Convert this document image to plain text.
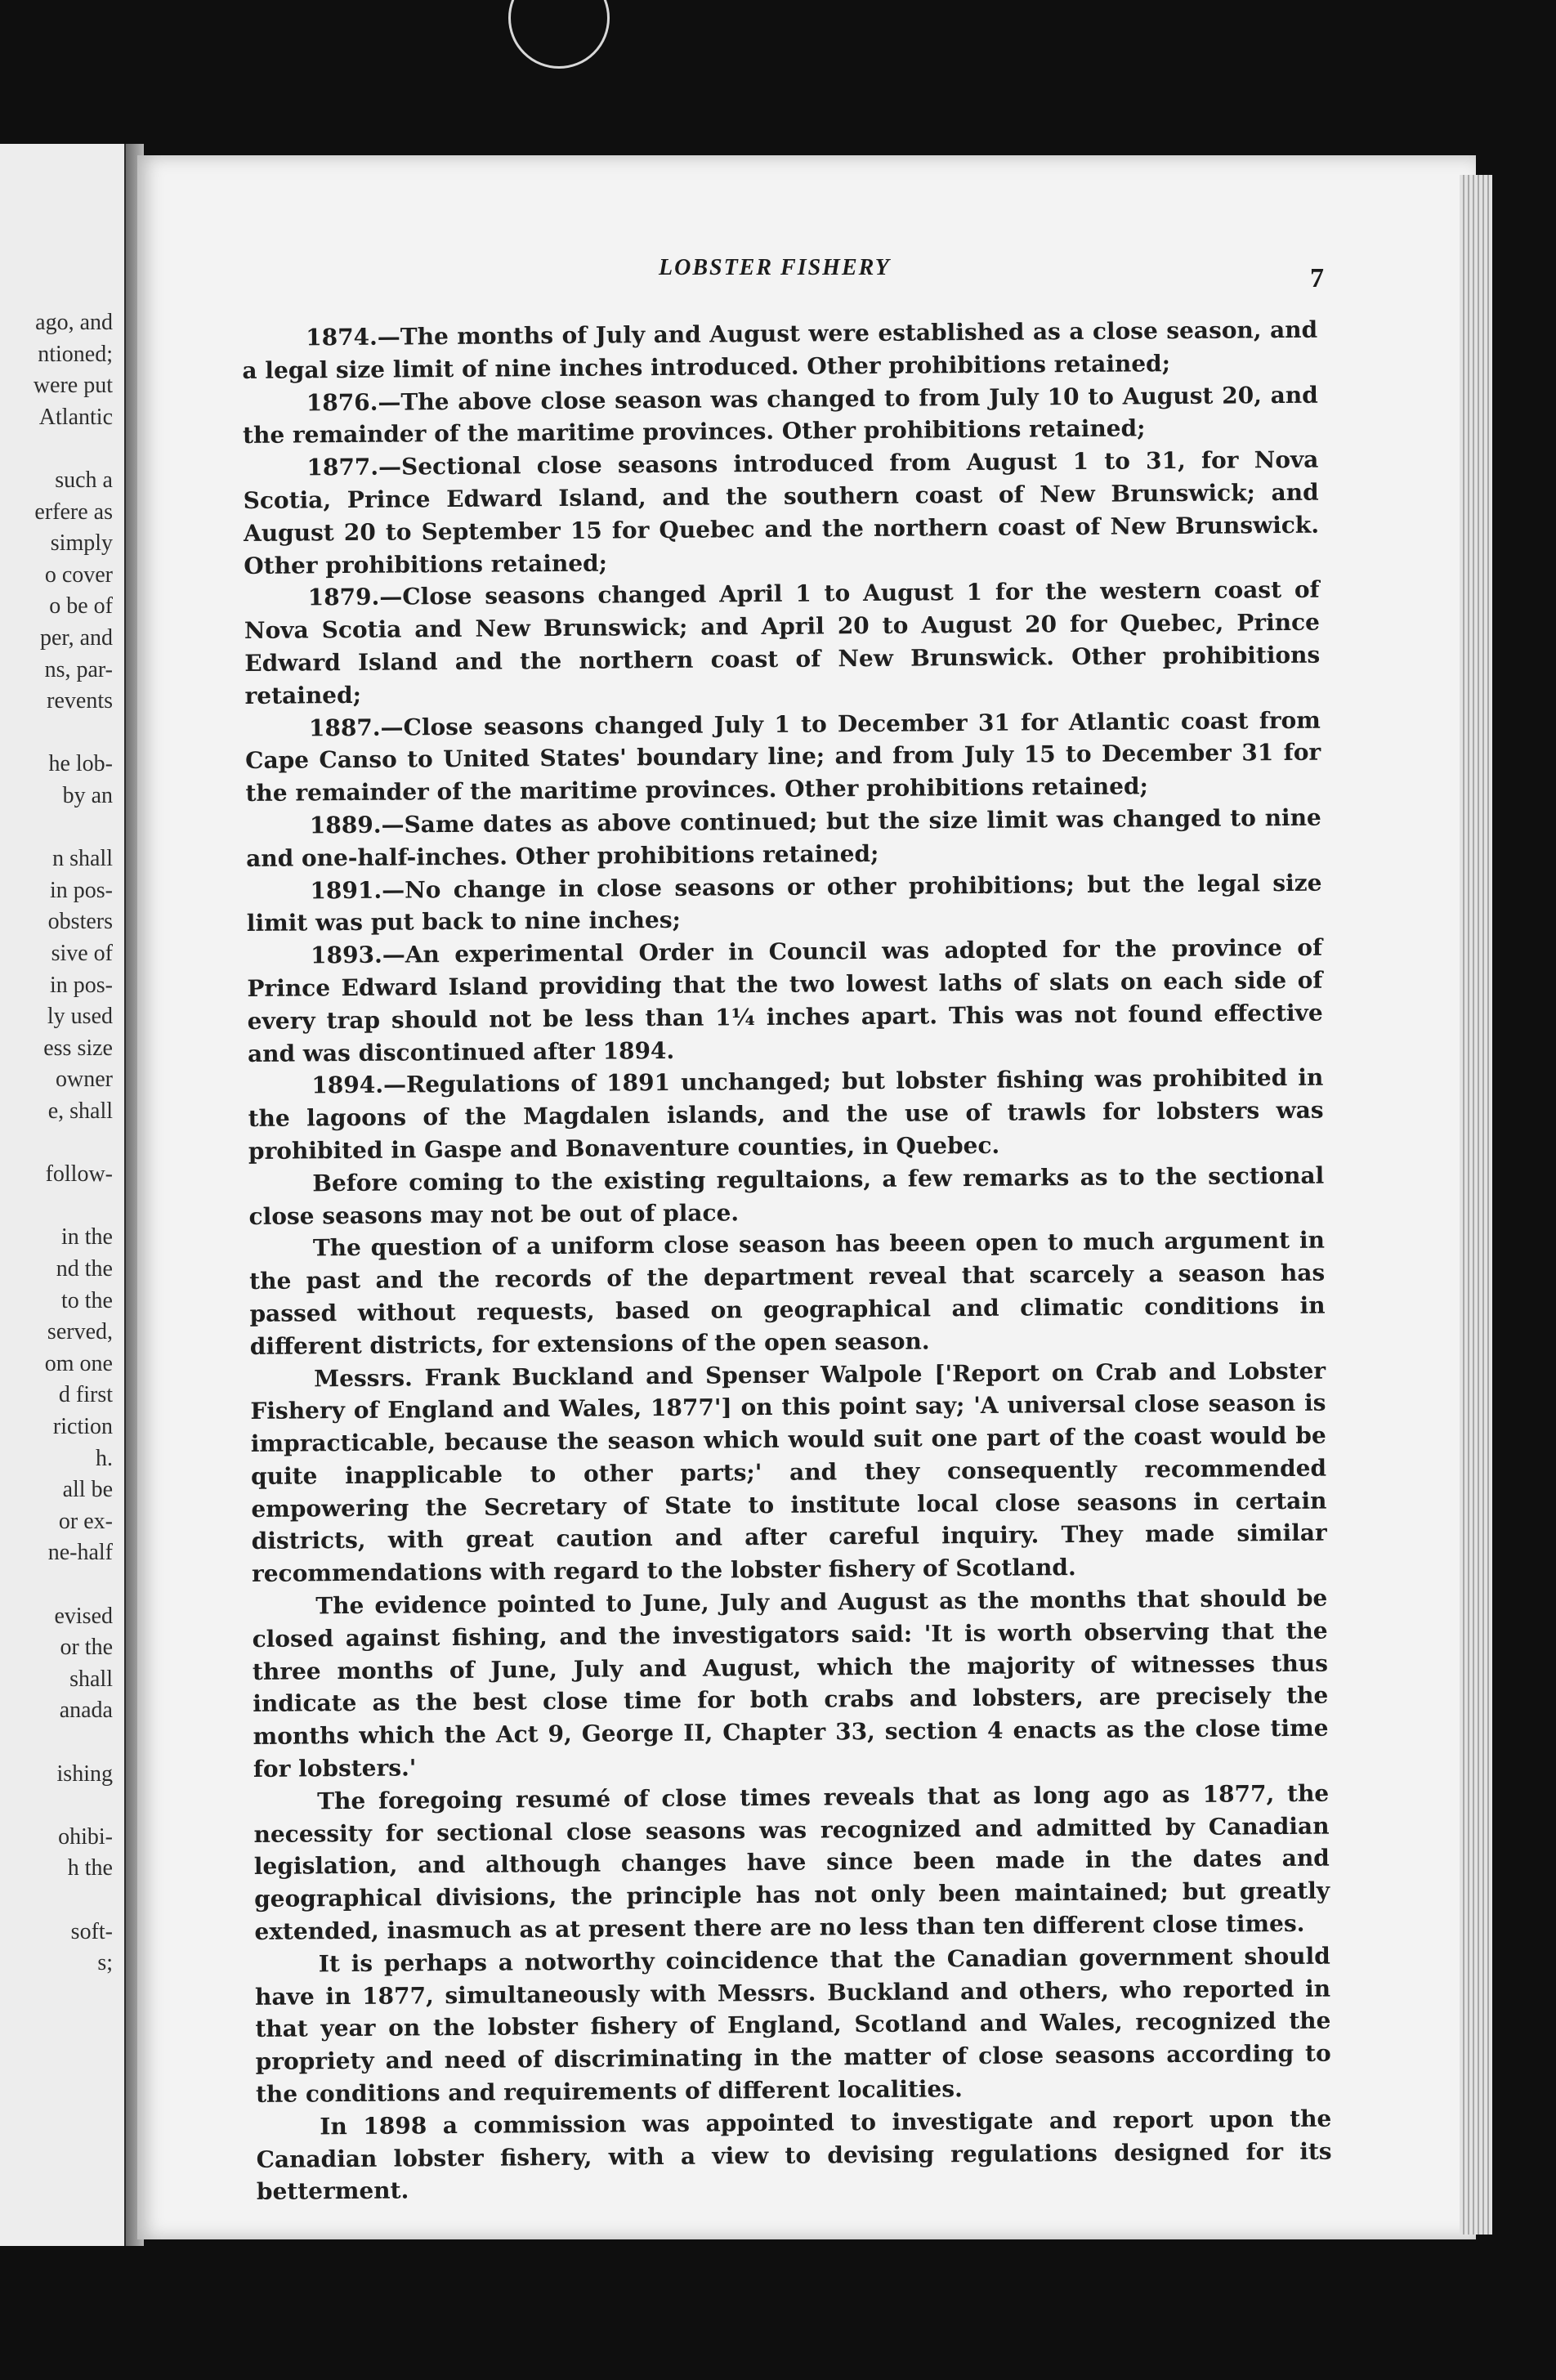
ago, and
ntioned;
were put
Atlantic
such a
erfere as
simply
o cover
o be of
per, and
ns, par-
revents
he lob-
by an
n shall
in pos-
obsters
sive of
in pos-
ly used
ess size
owner
e, shall
follow-
in the
nd the
to the
served,
om one
d first
riction
h.
all be
or ex-
ne-half
evised
or the
shall
anada
ishing
ohibi-
h the
soft-
s;
LOBSTER FISHERY	7

1874.—The months of July and August were established as a close season, and a legal size limit of nine inches introduced. Other prohibitions retained;

1876.—The above close season was changed to from July 10 to August 20, and the remainder of the maritime provinces. Other prohibitions retained;

1877.—Sectional close seasons introduced from August 1 to 31, for Nova Scotia, Prince Edward Island, and the southern coast of New Brunswick; and August 20 to September 15 for Quebec and the northern coast of New Brunswick. Other prohibitions retained;

1879.—Close seasons changed April 1 to August 1 for the western coast of Nova Scotia and New Brunswick; and April 20 to August 20 for Quebec, Prince Edward Island and the northern coast of New Brunswick. Other prohibitions retained;

1887.—Close seasons changed July 1 to December 31 for Atlantic coast from Cape Canso to United States' boundary line; and from July 15 to December 31 for the remainder of the maritime provinces. Other prohibitions retained;

1889.—Same dates as above continued; but the size limit was changed to nine and one-half-inches. Other prohibitions retained;

1891.—No change in close seasons or other prohibitions; but the legal size limit was put back to nine inches;

1893.—An experimental Order in Council was adopted for the province of Prince Edward Island providing that the two lowest laths of slats on each side of every trap should not be less than 1¼ inches apart. This was not found effective and was discontinued after 1894.

1894.—Regulations of 1891 unchanged; but lobster fishing was prohibited in the lagoons of the Magdalen islands, and the use of trawls for lobsters was prohibited in Gaspe and Bonaventure counties, in Quebec.

Before coming to the existing regultaions, a few remarks as to the sectional close seasons may not be out of place.

The question of a uniform close season has beeen open to much argument in the past and the records of the department reveal that scarcely a season has passed without requests, based on geographical and climatic conditions in different districts, for extensions of the open season.

Messrs. Frank Buckland and Spenser Walpole ['Report on Crab and Lobster Fishery of England and Wales, 1877'] on this point say; 'A universal close season is impracticable, because the season which would suit one part of the coast would be quite inapplicable to other parts;' and they consequently recommended empowering the Secretary of State to institute local close seasons in certain districts, with great caution and after careful inquiry. They made similar recommendations with regard to the lobster fishery of Scotland.

The evidence pointed to June, July and August as the months that should be closed against fishing, and the investigators said: 'It is worth observing that the three months of June, July and August, which the majority of witnesses thus indicate as the best close time for both crabs and lobsters, are precisely the months which the Act 9, George II, Chapter 33, section 4 enacts as the close time for lobsters.'

The foregoing resumé of close times reveals that as long ago as 1877, the necessity for sectional close seasons was recognized and admitted by Canadian legislation, and although changes have since been made in the dates and geographical divisions, the principle has not only been maintained; but greatly extended, inasmuch as at present there are no less than ten different close times.

It is perhaps a notworthy coincidence that the Canadian government should have in 1877, simultaneously with Messrs. Buckland and others, who reported in that year on the lobster fishery of England, Scotland and Wales, recognized the propriety and need of discriminating in the matter of close seasons according to the conditions and requirements of different localities.

In 1898 a commission was appointed to investigate and report upon the Canadian lobster fishery, with a view to devising regulations designed for its betterment.
